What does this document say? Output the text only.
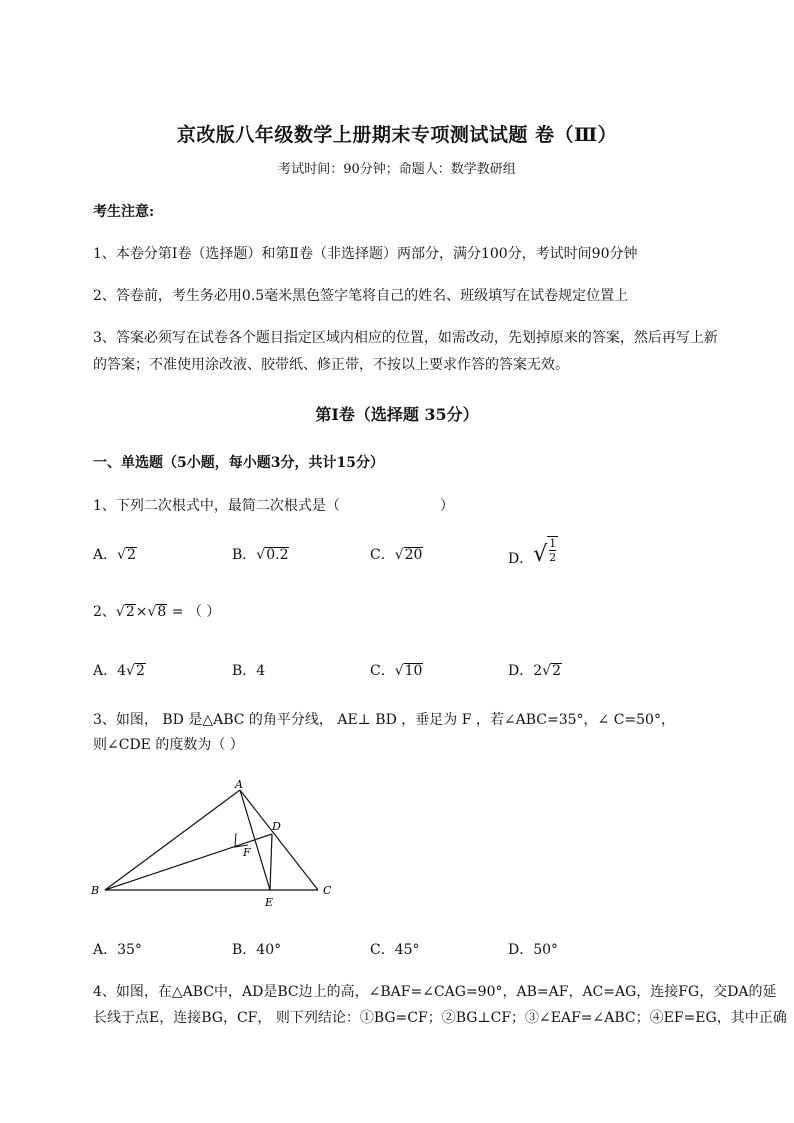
京改版八年级数学上册期末专项测试试题 卷（Ⅲ）
考试时间：90分钟；命题人：数学教研组
考生注意:
1、本卷分第I卷（选择题）和第Ⅱ卷（非选择题）两部分，满分100分，考试时间90分钟
2、答卷前，考生务必用0.5毫米黑色签字笔将自己的姓名、班级填写在试卷规定位置上
3、答案必须写在试卷各个题目指定区域内相应的位置，如需改动，先划掉原来的答案，然后再写上新
的答案；不准使用涂改液、胶带纸、修正带，不按以上要求作答的答案无效。
第I卷（选择题 35分）
一、单选题（5小题，每小题3分，共计15分）
1、下列二次根式中，最简二次根式是（	）
A．√2	B．√0.2	C．√20	D．√ $\frac{1}{2}$
2、√2×√8 = （ ）
A．4√2	B．4	C．√10	D．2√2
3、如图， BD 是△ABC 的角平分线， AE⊥ BD ，垂足为 F ，若∠ABC=35°，∠ C=50°，
则∠CDE 的度数为（ ）
A
B	C
D
E
F
A．35°	B．40°	C．45°	D．50°
4、如图，在△ABC中，AD是BC边上的高，∠BAF=∠CAG=90°，AB=AF，AC=AG，连接FG，交DA的延
长线于点E，连接BG，CF， 则下列结论：①BG=CF；②BG⊥CF；③∠EAF=∠ABC；④EF=EG，其中正确
